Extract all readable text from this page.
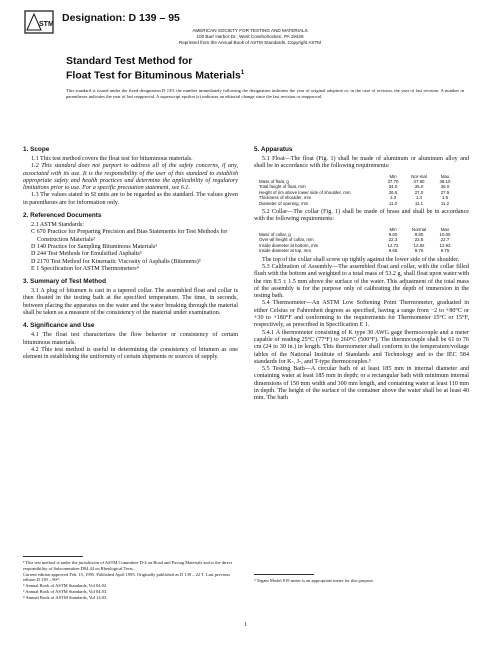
STM
Designation: D 139 – 95
AMERICAN SOCIETY FOR TESTING AND MATERIALS
100 Barr Harbor Dr., West Conshohocken, PA 19428
Reprinted from the Annual Book of ASTM Standards. Copyright ASTM
Standard Test Method for
Float Test for Bituminous Materials$^1$
This standard is issued under the fixed designation D 139; the number immediately following the designation indicates the year of original adoption or, in the case of revision, the year of last revision. A number in parentheses indicates the year of last reapproval. A superscript epsilon (ε) indicates an editorial change since the last revision or reapproval.
1. Scope

1.1 This test method covers the float test for bituminous materials.

1.2 This standard does not purport to address all of the safety concerns, if any, associated with its use. It is the responsibility of the user of this standard to establish appropriate safety and health practices and determine the applicability of regulatory limitations prior to use. For a specific precaution statement, see 6.1.

1.3 The values stated in SI units are to be regarded as the standard. The values given in parentheses are for information only.

2. Referenced Documents

2.1 ASTM Standards:

C 670 Practice for Preparing Precision and Bias Statements for Test Methods for Construction Materials²
D 140 Practice for Sampling Bituminous Materials³
D 244 Test Methods for Emulsified Asphalts³
D 2170 Test Method for Kinematic Viscosity of Asphalts (Bitumens)³
E 1 Specification for ASTM Thermometers⁴
3. Summary of Test Method

3.1 A plug of bitumen is cast in a tapered collar. The assembled float and collar is then floated in the testing bath at the specified temperature. The time, in seconds, between placing the apparatus on the water and the water breaking through the material shall be taken as a measure of the consistency of the material under examination.

4. Significance and Use

4.1 The float test characterizes the flow behavior or consistency of certain bituminous materials.

4.2 This test method is useful in determining the consistency of bitumen as one element in establishing the uniformity of certain shipments or sources of supply.

5. Apparatus

5.1 Float—The float (Fig. 1) shall be made of aluminum or aluminum alloy and shall be in accordance with the following requirements:

	Min	Nor-mal	Max
Mass of float, g	37.70	37.90	38.10
Total height of float, mm	34.0	35.0	36.0
Height of rim above lower side of shoulder, mm	26.5	27.0	27.5
Thickness of shoulder, mm	1.3	1.4	1.5
Diameter of opening, mm	11.0	11.1	11.2

5.2 Collar—The collar (Fig. 1) shall be made of brass and shall be in accordance with the following requirements:

	Min	Normal	Max
Mass of collar, g	9.60	9.80	10.00
Over-all height of collar, mm	22.3	22.5	22.7
Inside diameter at bottom, mm	12.72	12.82	12.92
Inside diameter at top, mm	9.65	9.70	9.75

The top of the collar shall screw up tightly against the lower side of the shoulder.

5.3 Calibration of Assembly—The assembled float and collar, with the collar filled flush with the bottom and weighted to a total mass of 53.2 g, shall float upon water with the rim 8.5 ± 1.5 mm above the surface of the water. This adjustment of the total mass of the assembly is for the purpose only of calibrating the depth of immersion in the testing bath.

5.4 Thermometer—An ASTM Low Softening Point Thermometer, graduated in either Celsius or Fahrenheit degrees as specified, having a range from −2 to +80°C or +30 to +180°F and conforming to the requirements for Thermometer 15°C or 15°F, respectively, as prescribed in Specification E 1.

5.4.1 A thermometer consisting of K type 30 AWG gage thermocouple and a meter capable of reading 25°C (77°F) to 260°C (500°F). The thermocouple shall be 61 to 76 cm (24 to 30 in.) in length. This thermometer shall conform to the temperature/voltage tables of the National Institute of Standards and Technology and to the IEC 584 standards for K-, J-, and T-type thermocouples.⁵

5.5 Testing Bath—A circular bath of at least 185 mm in internal diameter and containing water at least 185 mm in depth; or a rectangular bath with minimum internal dimensions of 150 mm width and 300 mm length, and containing water at least 110 mm in depth. The height of the surface of the container above the water shall be at least 40 mm. The bath

¹ This test method is under the jurisdiction of ASTM Committee D-4 on Road and Paving Materials and is the direct responsibility of Subcommittee D04.44 on Rheological Tests.
Current edition approved Feb. 15, 1995. Published April 1995. Originally published as D 139 – 22 T. Last previous edition D 139 – 90ᵉ¹.
² Annual Book of ASTM Standards, Vol 04.02.
³ Annual Book of ASTM Standards, Vol 04.03.
⁴ Annual Book of ASTM Standards, Vol 14.03.
⁵ Tegam Model 819 meter is an appropriate meter for this purpose.
1
